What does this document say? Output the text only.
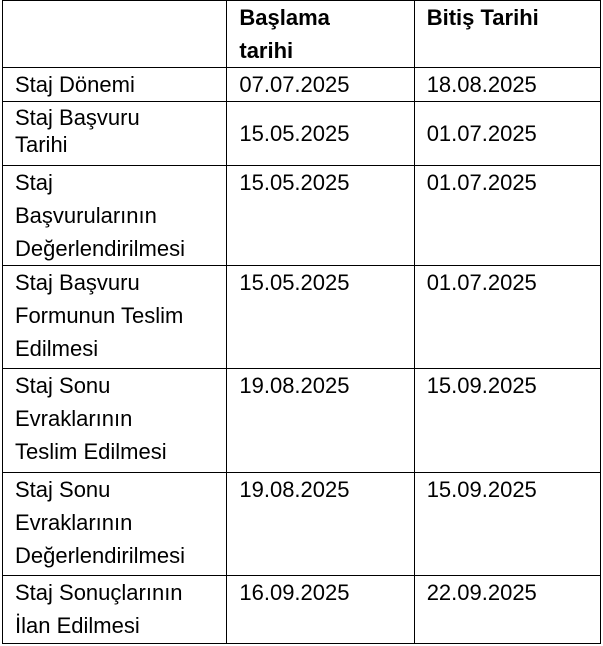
	Başlama
tarihi	Bitiş Tarihi

Staj Dönemi	07.07.2025	18.08.2025

Staj Başvuru
Tarihi	15.05.2025	01.07.2025

Staj
Başvurularının
Değerlendirilmesi	15.05.2025	01.07.2025

Staj Başvuru
Formunun Teslim
Edilmesi	15.05.2025	01.07.2025

Staj Sonu
Evraklarının
Teslim Edilmesi	19.08.2025	15.09.2025

Staj Sonu
Evraklarının
Değerlendirilmesi	19.08.2025	15.09.2025

Staj Sonuçlarının
İlan Edilmesi	16.09.2025	22.09.2025
